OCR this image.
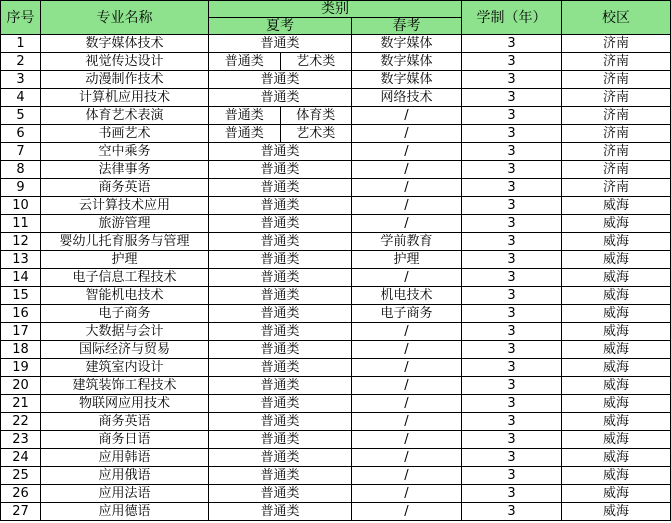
序号	专业名称	类别		学制（年）	校区
		夏考	春考		
1	数字媒体技术	普通类	数字媒体	3	济南
2	视觉传达设计	普通类 艺术类	数字媒体	3	济南
3	动漫制作技术	普通类	数字媒体	3	济南
4	计算机应用技术	普通类	网络技术	3	济南
5	体育艺术表演	普通类 体育类	/	3	济南
6	书画艺术	普通类 艺术类	/	3	济南
7	空中乘务	普通类	/	3	济南
8	法律事务	普通类	/	3	济南
9	商务英语	普通类	/	3	济南
10	云计算技术应用	普通类	/	3	威海
11	旅游管理	普通类	/	3	威海
12	婴幼儿托育服务与管理	普通类	学前教育	3	威海
13	护理	普通类	护理	3	威海
14	电子信息工程技术	普通类	/	3	威海
15	智能机电技术	普通类	机电技术	3	威海
16	电子商务	普通类	电子商务	3	威海
17	大数据与会计	普通类	/	3	威海
18	国际经济与贸易	普通类	/	3	威海
19	建筑室内设计	普通类	/	3	威海
20	建筑装饰工程技术	普通类	/	3	威海
21	物联网应用技术	普通类	/	3	威海
22	商务英语	普通类	/	3	威海
23	商务日语	普通类	/	3	威海
24	应用韩语	普通类	/	3	威海
25	应用俄语	普通类	/	3	威海
26	应用法语	普通类	/	3	威海
27	应用德语	普通类	/	3	威海
